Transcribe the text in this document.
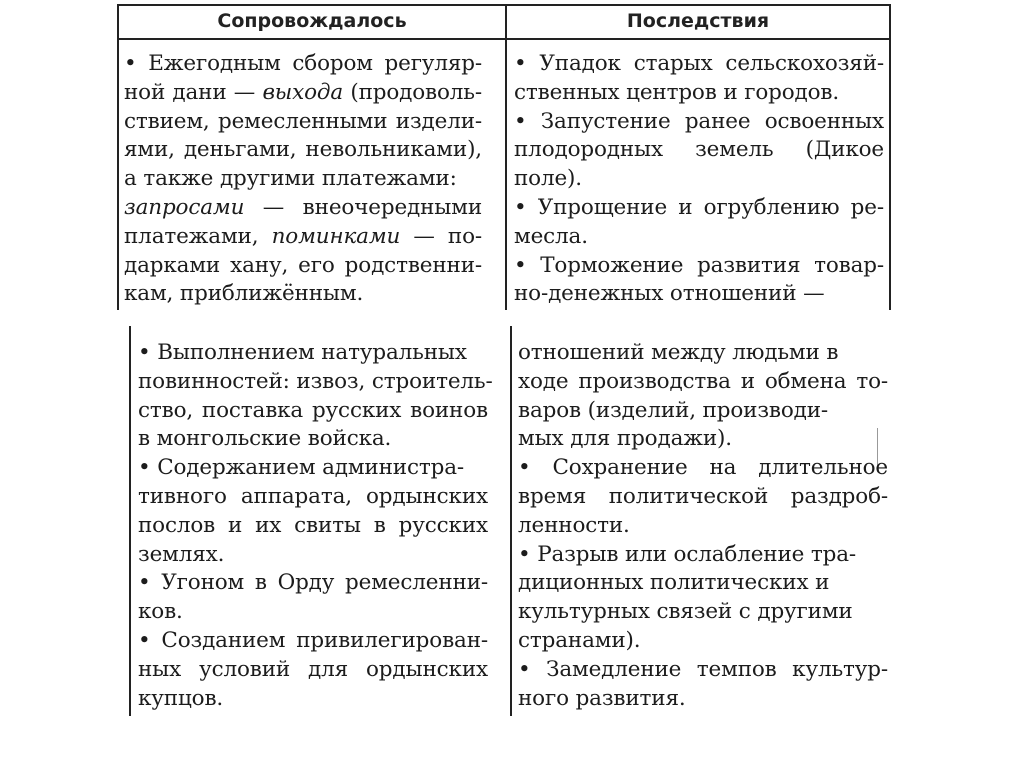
Сопровождалось	Последствия
• Ежегодным сбором регуляр-
ной дани — выхода (продоволь-
ствием, ремесленными издели-
ями, деньгами, невольниками),
а также другими платежами:
запросами — внеочередными
платежами, поминками — по-
дарками хану, его родственни-
кам, приближённым.
• Упадок старых сельскохозяй-
ственных центров и городов.
• Запустение ранее освоенных
плодородных земель (Дикое
поле).
• Упрощение и огрублению ре-
месла.
• Торможение развития товар-
но-денежных отношений —
• Выполнением натуральных
повинностей: извоз, строитель-
ство, поставка русских воинов
в монгольские войска.
• Содержанием администра-
тивного аппарата, ордынских
послов и их свиты в русских
землях.
• Угоном в Орду ремесленни-
ков.
• Созданием привилегирован-
ных условий для ордынских
купцов.
отношений между людьми в
ходе производства и обмена то-
варов (изделий, производи-
мых для продажи).
• Сохранение на длительное
время политической раздроб-
ленности.
• Разрыв или ослабление тра-
диционных политических и
культурных связей с другими
странами).
• Замедление темпов культур-
ного развития.
